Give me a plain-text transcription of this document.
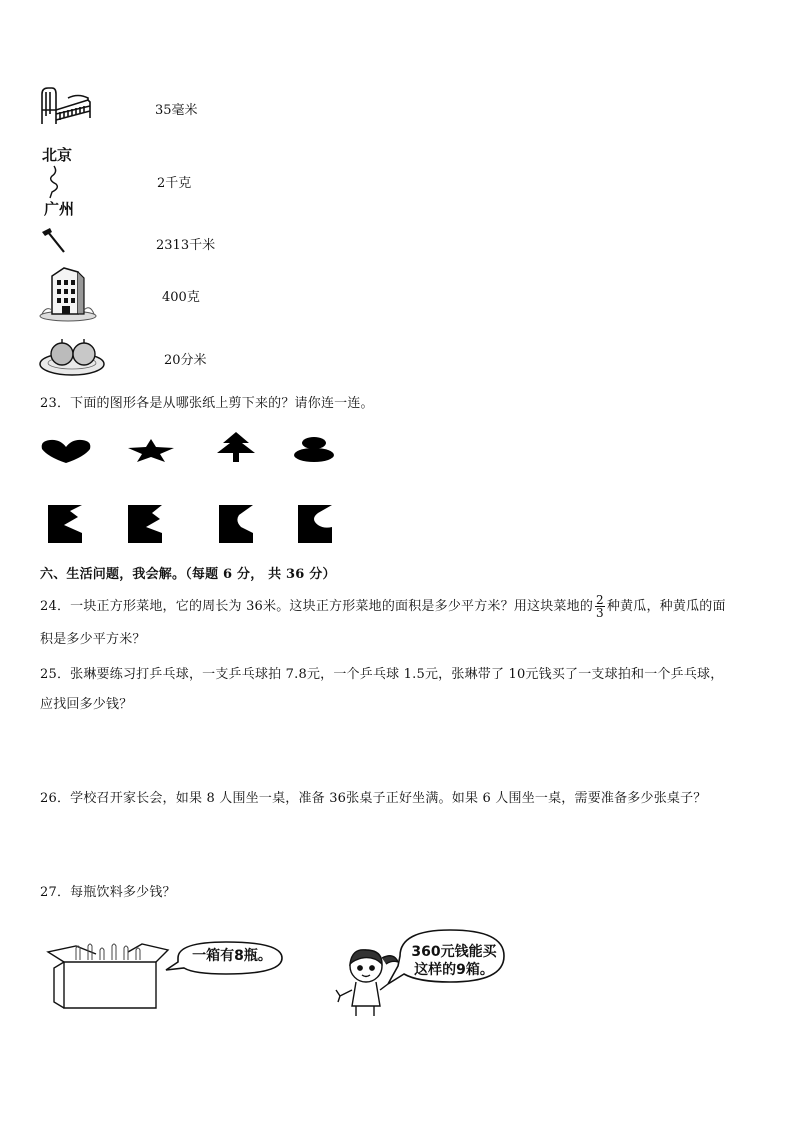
北京
广州
35毫米
2千克
2313千米
400克
20分米
23．下面的图形各是从哪张纸上剪下来的？请你连一连。
六、生活问题，我会解。（每题 6 分， 共 36 分）
24．一块正方形菜地，它的周长为 36米。这块正方形菜地的面积是多少平方米？用这块菜地的 $\frac{2}{3}$ 种黄瓜，种黄瓜的面
积是多少平方米？
25．张琳要练习打乒乓球，一支乒乓球拍 7.8元，一个乒乓球 1.5元，张琳带了 10元钱买了一支球拍和一个乒乓球，
应找回多少钱？
26．学校召开家长会，如果 8 人围坐一桌，准备 36张桌子正好坐满。如果 6 人围坐一桌，需要准备多少张桌子？
27．每瓶饮料多少钱？
一箱有8瓶。	360元钱能买
这样的9箱。
